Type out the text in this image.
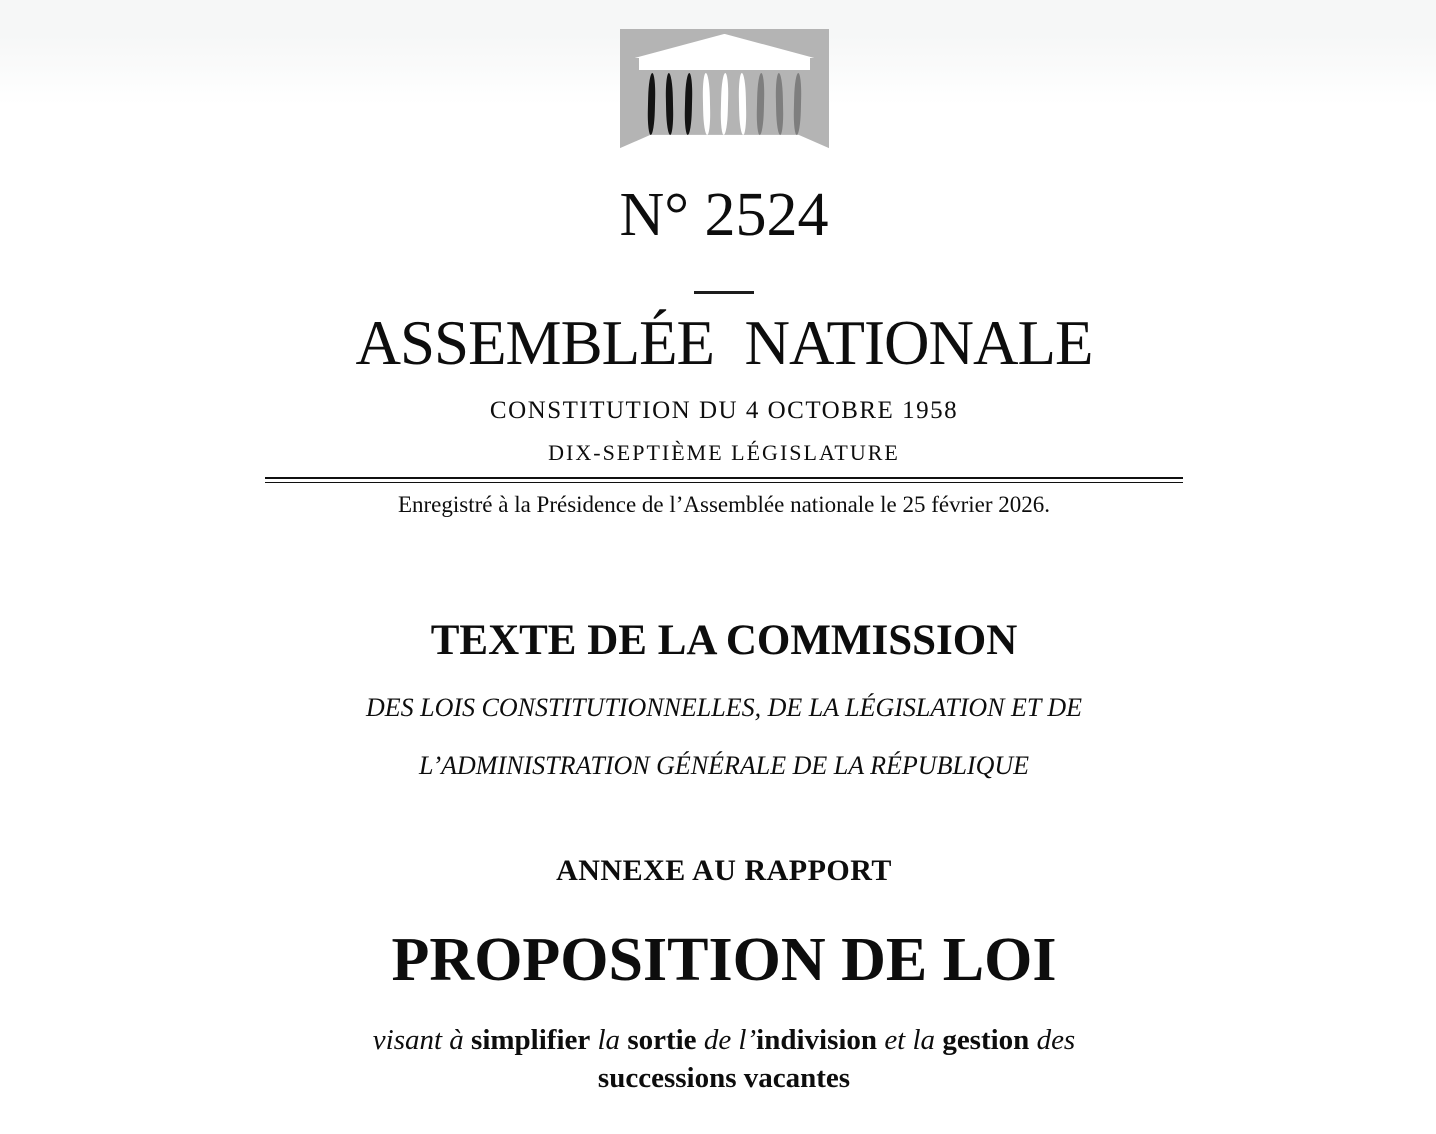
N° 2524
ASSEMBLÉE NATIONALE
CONSTITUTION DU 4 OCTOBRE 1958
DIX-SEPTIÈME LÉGISLATURE
Enregistré à la Présidence de l’Assemblée nationale le 25 février 2026.
TEXTE DE LA COMMISSION
DES LOIS CONSTITUTIONNELLES, DE LA LÉGISLATION ET DE
L’ADMINISTRATION GÉNÉRALE DE LA RÉPUBLIQUE
ANNEXE AU RAPPORT
PROPOSITION DE LOI
visant à simplifier la sortie de l’indivision et la gestion des
successions vacantes
